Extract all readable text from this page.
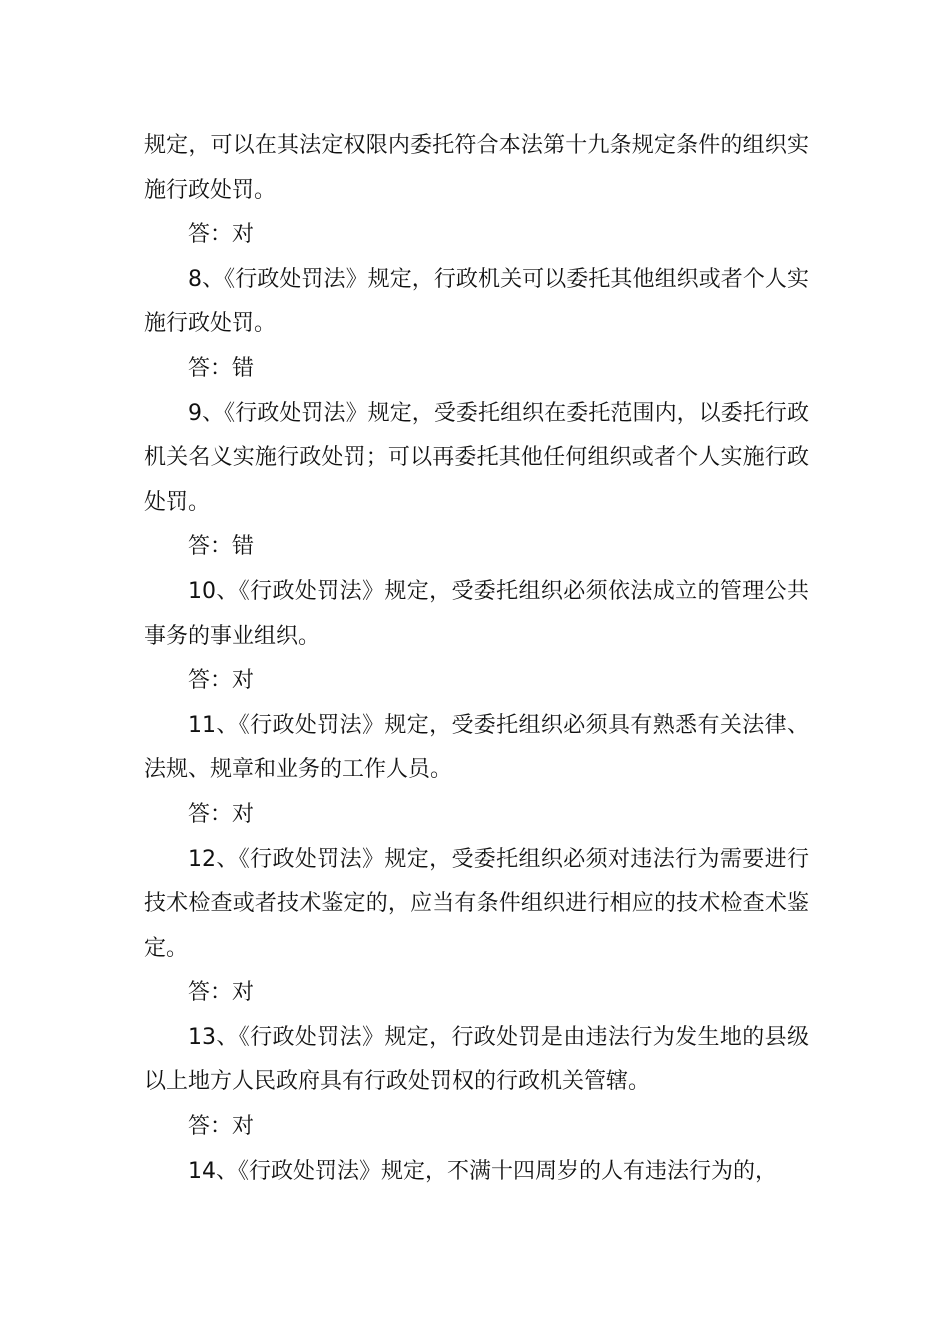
规定，可以在其法定权限内委托符合本法第十九条规定条件的组织实施行政处罚。

答：对

8、《行政处罚法》规定，行政机关可以委托其他组织或者个人实施行政处罚。

答：错

9、《行政处罚法》规定，受委托组织在委托范围内，以委托行政机关名义实施行政处罚；可以再委托其他任何组织或者个人实施行政处罚。

答：错

10、《行政处罚法》规定，受委托组织必须依法成立的管理公共事务的事业组织。

答：对

11、《行政处罚法》规定，受委托组织必须具有熟悉有关法律、法规、规章和业务的工作人员。

答：对

12、《行政处罚法》规定，受委托组织必须对违法行为需要进行技术检查或者技术鉴定的，应当有条件组织进行相应的技术检查术鉴定。

答：对

13、《行政处罚法》规定，行政处罚是由违法行为发生地的县级以上地方人民政府具有行政处罚权的行政机关管辖。

答：对

14、《行政处罚法》规定，不满十四周岁的人有违法行为的，
